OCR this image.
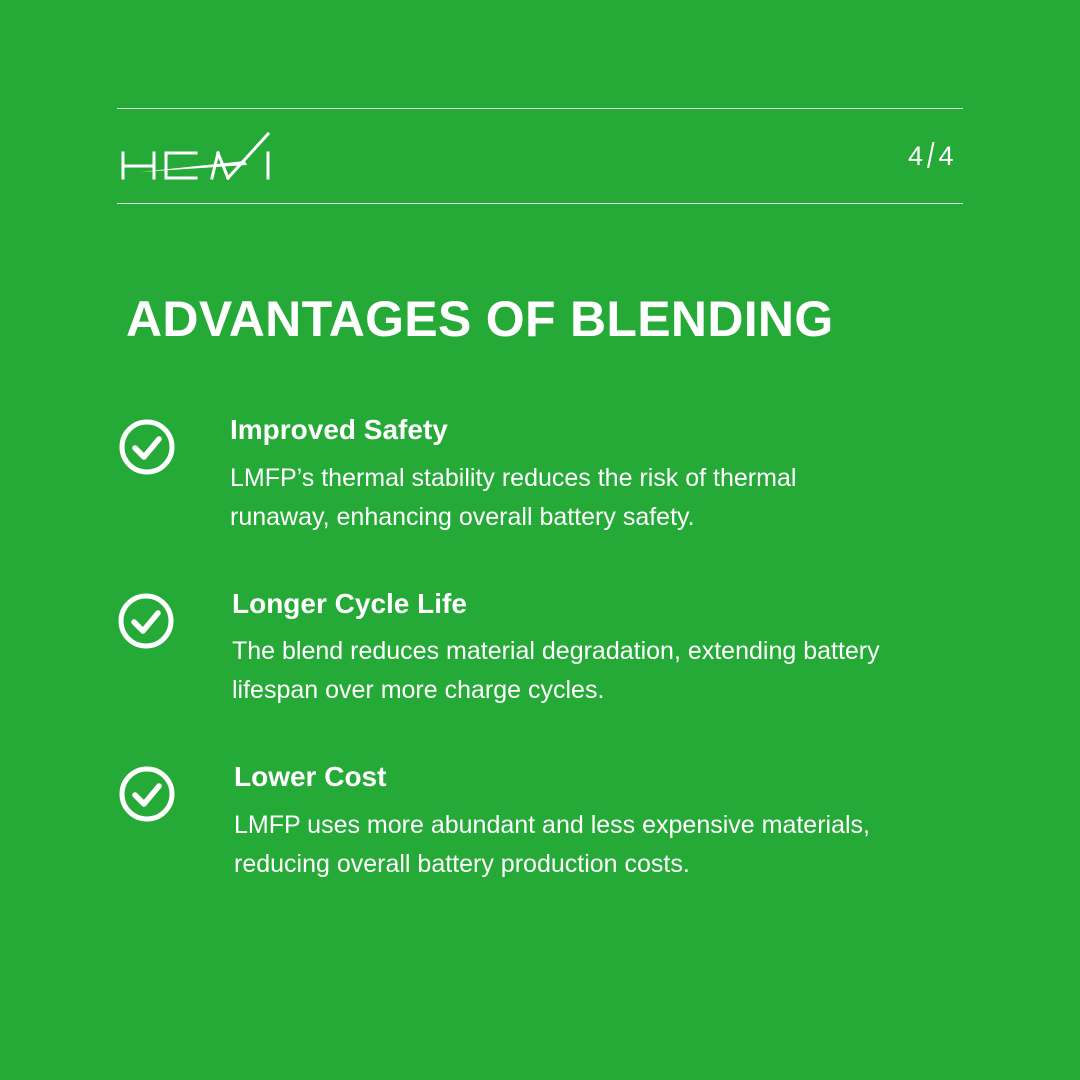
4 / 4
ADVANTAGES OF BLENDING
Improved Safety

LMFP’s thermal stability reduces the risk of thermal runaway, enhancing overall battery safety.

Longer Cycle Life

The blend reduces material degradation, extending battery lifespan over more charge cycles.

Lower Cost

LMFP uses more abundant and less expensive materials, reducing overall battery production costs.
